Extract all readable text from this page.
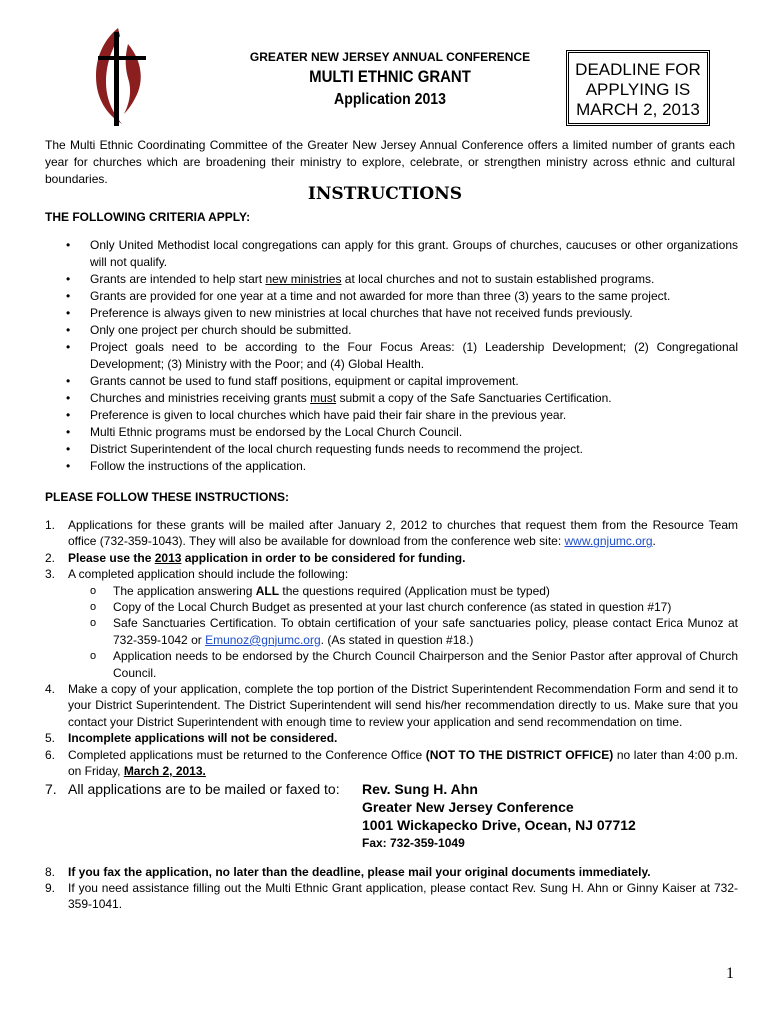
GREATER NEW JERSEY ANNUAL CONFERENCE
MULTI ETHNIC GRANT
Application 2013
DEADLINE FOR
APPLYING IS
MARCH 2, 2013
The Multi Ethnic Coordinating Committee of the Greater New Jersey Annual Conference offers a limited number of grants each year for churches which are broadening their ministry to explore, celebrate, or strengthen ministry across ethnic and cultural boundaries.
INSTRUCTIONS
THE FOLLOWING CRITERIA APPLY:
• Only United Methodist local congregations can apply for this grant. Groups of churches, caucuses or other organizations will not qualify.
• Grants are intended to help start new ministries at local churches and not to sustain established programs.
• Grants are provided for one year at a time and not awarded for more than three (3) years to the same project.
• Preference is always given to new ministries at local churches that have not received funds previously.
• Only one project per church should be submitted.
• Project goals need to be according to the Four Focus Areas: (1) Leadership Development; (2) Congregational Development; (3) Ministry with the Poor; and (4) Global Health.
• Grants cannot be used to fund staff positions, equipment or capital improvement.
• Churches and ministries receiving grants must submit a copy of the Safe Sanctuaries Certification.
• Preference is given to local churches which have paid their fair share in the previous year.
• Multi Ethnic programs must be endorsed by the Local Church Council.
• District Superintendent of the local church requesting funds needs to recommend the project.
• Follow the instructions of the application.
PLEASE FOLLOW THESE INSTRUCTIONS:
1. Applications for these grants will be mailed after January 2, 2012 to churches that request them from the Resource Team office (732-359-1043). They will also be available for download from the conference web site: www.gnjumc.org.
2. Please use the 2013 application in order to be considered for funding.
3. A completed application should include the following:
o The application answering ALL the questions required (Application must be typed)
o Copy of the Local Church Budget as presented at your last church conference (as stated in question #17)
o Safe Sanctuaries Certification. To obtain certification of your safe sanctuaries policy, please contact Erica Munoz at 732-359-1042 or Emunoz@gnjumc.org. (As stated in question #18.)
o Application needs to be endorsed by the Church Council Chairperson and the Senior Pastor after approval of Church Council.
4. Make a copy of your application, complete the top portion of the District Superintendent Recommendation Form and send it to your District Superintendent. The District Superintendent will send his/her recommendation directly to us. Make sure that you contact your District Superintendent with enough time to review your application and send recommendation on time.
5. Incomplete applications will not be considered.
6. Completed applications must be returned to the Conference Office (NOT TO THE DISTRICT OFFICE) no later than 4:00 p.m. on Friday, March 2, 2013.
7. All applications are to be mailed or faxed to: Rev. Sung H. Ahn
Greater New Jersey Conference
1001 Wickapecko Drive, Ocean, NJ 07712
Fax: 732-359-1049
8. If you fax the application, no later than the deadline, please mail your original documents immediately.
9. If you need assistance filling out the Multi Ethnic Grant application, please contact Rev. Sung H. Ahn or Ginny Kaiser at 732-359-1041.
1
